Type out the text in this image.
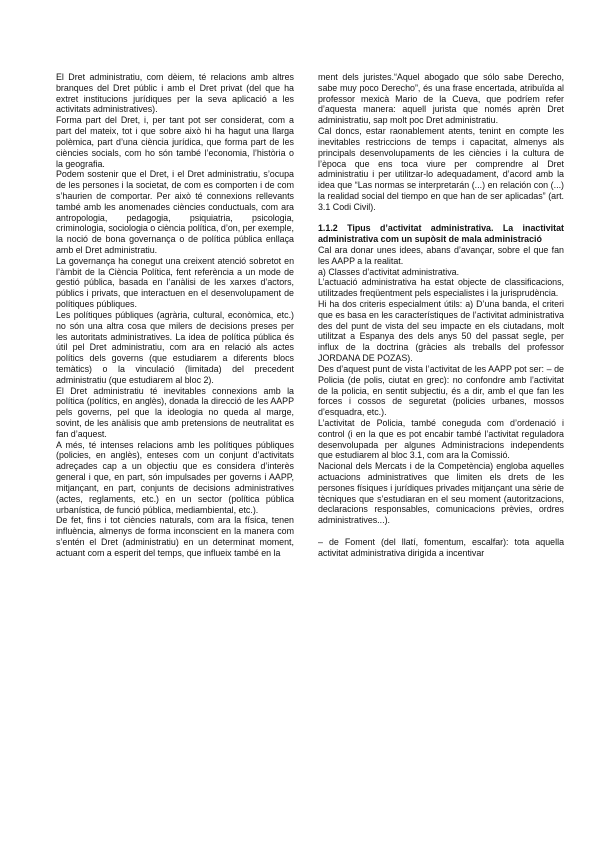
El Dret administratiu, com dèiem, té relacions amb altres branques del Dret públic i amb el Dret privat (del que ha extret institucions jurídiques per la seva aplicació a les activitats administratives).

Forma part del Dret, i, per tant pot ser considerat, com a part del mateix, tot i que sobre això hi ha hagut una llarga polèmica, part d’una ciència jurídica, que forma part de les ciències socials, com ho són també l’economia, l’història o la geografia.

Podem sostenir que el Dret, i el Dret administratiu, s’ocupa de les persones i la societat, de com es comporten i de com s’haurien de comportar. Per això té connexions rellevants també amb les anomenades ciències conductuals, com ara antropologia, pedagogia, psiquiatria, psicologia, criminologia, sociologia o ciència política, d’on, per exemple, la noció de bona governança o de política pública enllaça amb el Dret administratiu.

La governança ha conegut una creixent atenció sobretot en l’àmbit de la Ciència Política, fent referència a un mode de gestió pública, basada en l’anàlisi de les xarxes d’actors, públics i privats, que interactuen en el desenvolupament de polítiques públiques.

Les polítiques públiques (agrària, cultural, econòmica, etc.) no són una altra cosa que milers de decisions preses per les autoritats administratives. La idea de política pública és útil pel Dret administratiu, com ara en relació als actes polítics dels governs (que estudiarem a diferents blocs temàtics) o la vinculació (limitada) del precedent administratiu (que estudiarem al bloc 2).

El Dret administratiu té inevitables connexions amb la política (polítics, en anglès), donada la direcció de les AAPP pels governs, pel que la ideologia no queda al marge, sovint, de les anàlisis que amb pretensions de neutralitat es fan d’aquest.

A més, té intenses relacions amb les polítiques públiques (policies, en anglès), enteses com un conjunt d’activitats adreçades cap a un objectiu que es considera d’interès general i que, en part, són impulsades per governs i AAPP, mitjançant, en part, conjunts de decisions administratives (actes, reglaments, etc.) en un sector (política pública urbanística, de funció pública, mediambiental, etc.).

De fet, fins i tot ciències naturals, com ara la física, tenen influència, almenys de forma inconscient en la manera com s’entén el Dret (administratiu) en un determinat moment, actuant com a esperit del temps, que influeix també en la

ment dels juristes.“Aquel abogado que sólo sabe Derecho, sabe muy poco Derecho”, és una frase encertada, atribuïda al professor mexicà Mario de la Cueva, que podríem refer d’aquesta manera: aquell jurista que només aprèn Dret administratiu, sap molt poc Dret administratiu.

Cal doncs, estar raonablement atents, tenint en compte les inevitables restriccions de temps i capacitat, almenys als principals desenvolupaments de les ciències i la cultura de l’època que ens toca viure per comprendre al Dret administratiu i per utilitzar-lo adequadament, d’acord amb la idea que “Las normas se interpretarán (...) en relación con (...) la realidad social del tiempo en que han de ser aplicadas” (art. 3.1 Codi Civil).

1.1.2 Tipus d’activitat administrativa. La inactivitat administrativa com un supòsit de mala administració

Cal ara donar unes idees, abans d’avançar, sobre el que fan les AAPP a la realitat.

a) Classes d’activitat administrativa.

L’actuació administrativa ha estat objecte de classificacions, utilitzades freqüentment pels especialistes i la jurisprudència.

Hi ha dos criteris especialment útils: a) D’una banda, el criteri que es basa en les característiques de l’activitat administrativa des del punt de vista del seu impacte en els ciutadans, molt utilitzat a Espanya des dels anys 50 del passat segle, per influx de la doctrina (gràcies als treballs del professor JORDANA DE POZAS).

Des d’aquest punt de vista l’activitat de les AAPP pot ser: – de Policia (de polis, ciutat en grec): no confondre amb l’activitat de la policia, en sentit subjectiu, és a dir, amb el que fan les forces i cossos de seguretat (policies urbanes, mossos d’esquadra, etc.).

L’activitat de Policia, també coneguda com d’ordenació i control (i en la que es pot encabir també l’activitat reguladora desenvolupada per algunes Administracions independents que estudiarem al bloc 3.1, com ara la Comissió.

Nacional dels Mercats i de la Competència) engloba aquelles actuacions administratives que limiten els drets de les persones físiques i jurídiques privades mitjançant una sèrie de tècniques que s’estudiaran en el seu moment (autoritzacions, declaracions responsables, comunicacions prèvies, ordres administratives...).

– de Foment (del llatí, fomentum, escalfar): tota aquella activitat administrativa dirigida a incentivar
